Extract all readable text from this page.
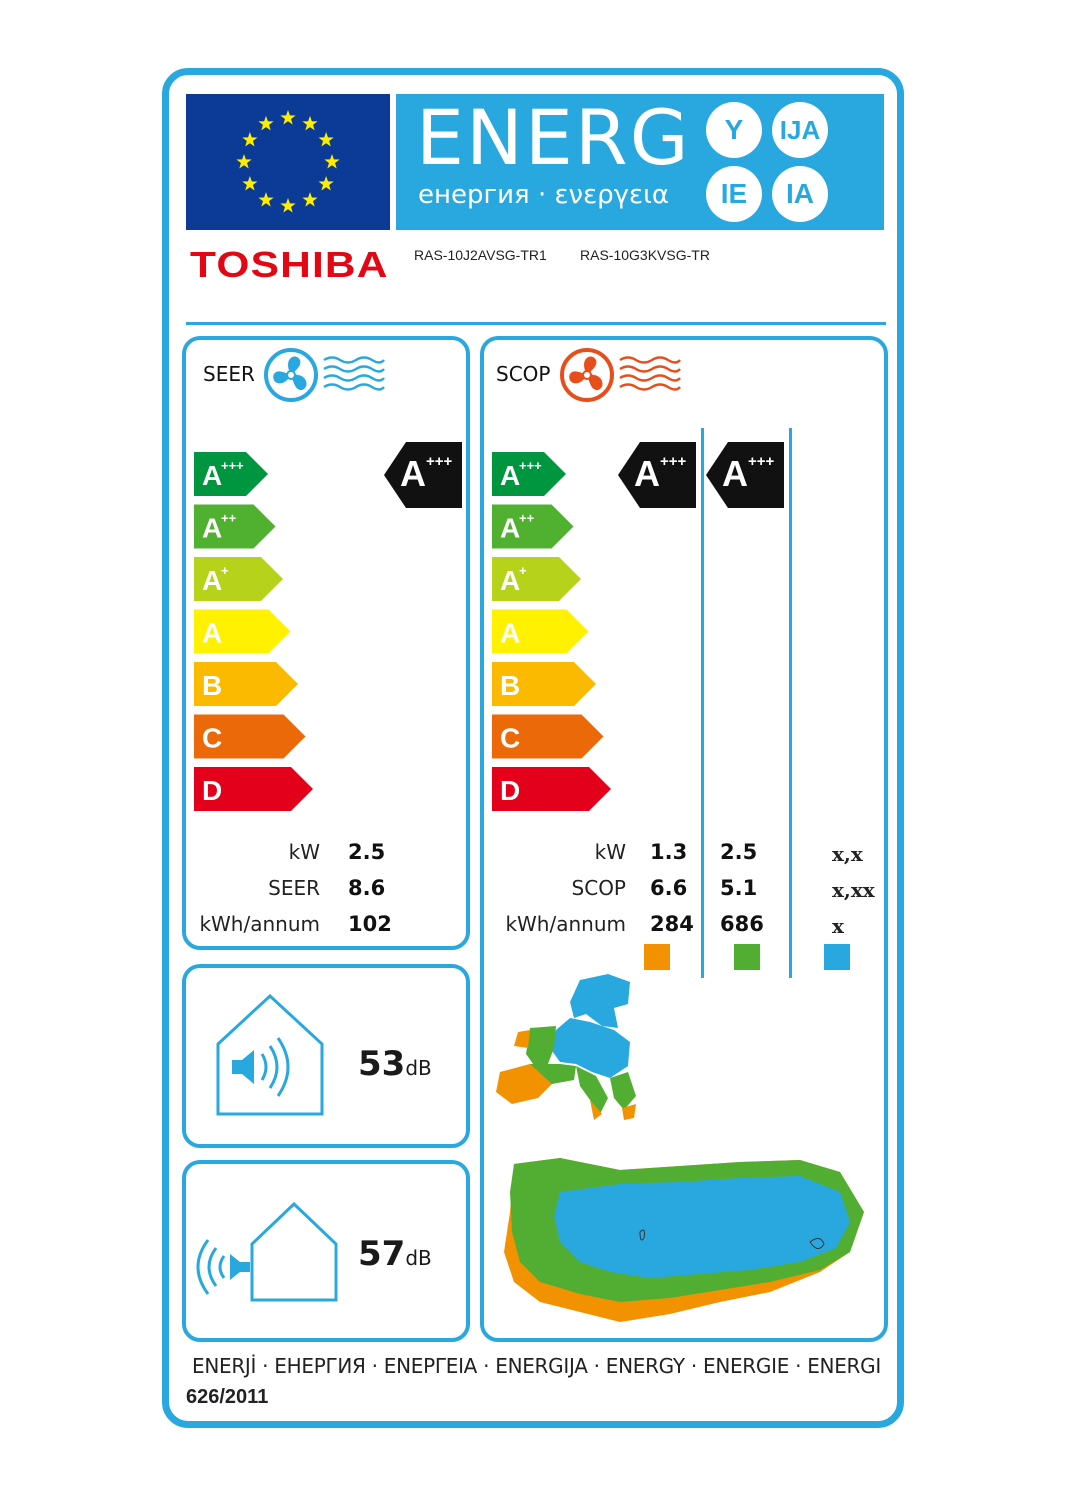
ENERG
енергия · ενεργεια
Y	IJA
IE	IA
TOSHIBA RAS-10J2AVSG-TR1 RAS-10G3KVSG-TR
SEER
A
+++
A
++
A
+
A
B
C
D
A +++
kW 2.5
SEER 8.6
kWh/annum 102
SCOP
A
+++
A
++
A
+
A
B
C
D
A +++ A +++
kW
SCOP
kWh/annum
1.3
6.6
284
2.5
5.1
686
x,x
x,xx
x
53dB
57dB
ENERJİ · ЕНЕРГИЯ · ΕΝΕΡΓΕΙΑ · ENERGIJA · ENERGY · ENERGIE · ENERGI
626/2011
